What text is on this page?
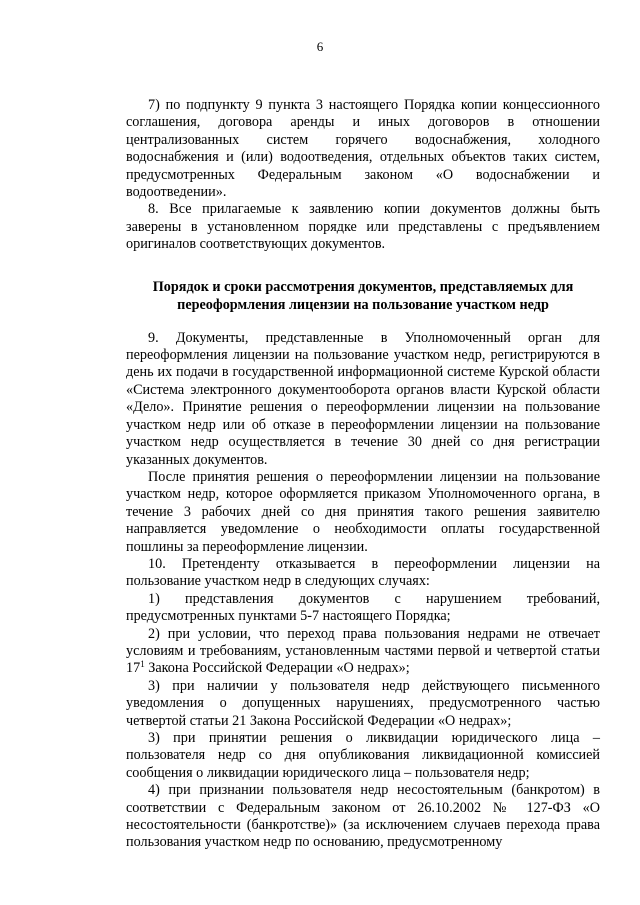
6

7) по подпункту 9 пункта 3 настоящего Порядка копии концессионного соглашения, договора аренды и иных договоров в отношении централизованных систем горячего водоснабжения, холодного водоснабжения и (или) водоотведения, отдельных объектов таких систем, предусмотренных Федеральным законом «О водоснабжении и водоотведении».

8. Все прилагаемые к заявлению копии документов должны быть заверены в установленном порядке или представлены с предъявлением оригиналов соответствующих документов.

Порядок и сроки рассмотрения документов, представляемых для переоформления лицензии на пользование участком недр

9. Документы, представленные в Уполномоченный орган для переоформления лицензии на пользование участком недр, регистрируются в день их подачи в государственной информационной системе Курской области «Система электронного документооборота органов власти Курской области «Дело». Принятие решения о переоформлении лицензии на пользование участком недр или об отказе в переоформлении лицензии на пользование участком недр осуществляется в течение 30 дней со дня регистрации указанных документов.

После принятия решения о переоформлении лицензии на пользование участком недр, которое оформляется приказом Уполномоченного органа, в течение 3 рабочих дней со дня принятия такого решения заявителю направляется уведомление о необходимости оплаты государственной пошлины за переоформление лицензии.

10. Претенденту отказывается в переоформлении лицензии на пользование участком недр в следующих случаях:

1) представления документов с нарушением требований, предусмотренных пунктами 5-7 настоящего Порядка;

2) при условии, что переход права пользования недрами не отвечает условиям и требованиям, установленным частями первой и четвертой статьи $17^1$ Закона Российской Федерации «О недрах»;

3) при наличии у пользователя недр действующего письменного уведомления о допущенных нарушениях, предусмотренного частью четвертой статьи 21 Закона Российской Федерации «О недрах»;

3) при принятии решения о ликвидации юридического лица – пользователя недр со дня опубликования ликвидационной комиссией сообщения о ликвидации юридического лица – пользователя недр;

4) при признании пользователя недр несостоятельным (банкротом) в соответствии с Федеральным законом от 26.10.2002 № 127-ФЗ «О несостоятельности (банкротстве)» (за исключением случаев перехода права пользования участком недр по основанию, предусмотренному
